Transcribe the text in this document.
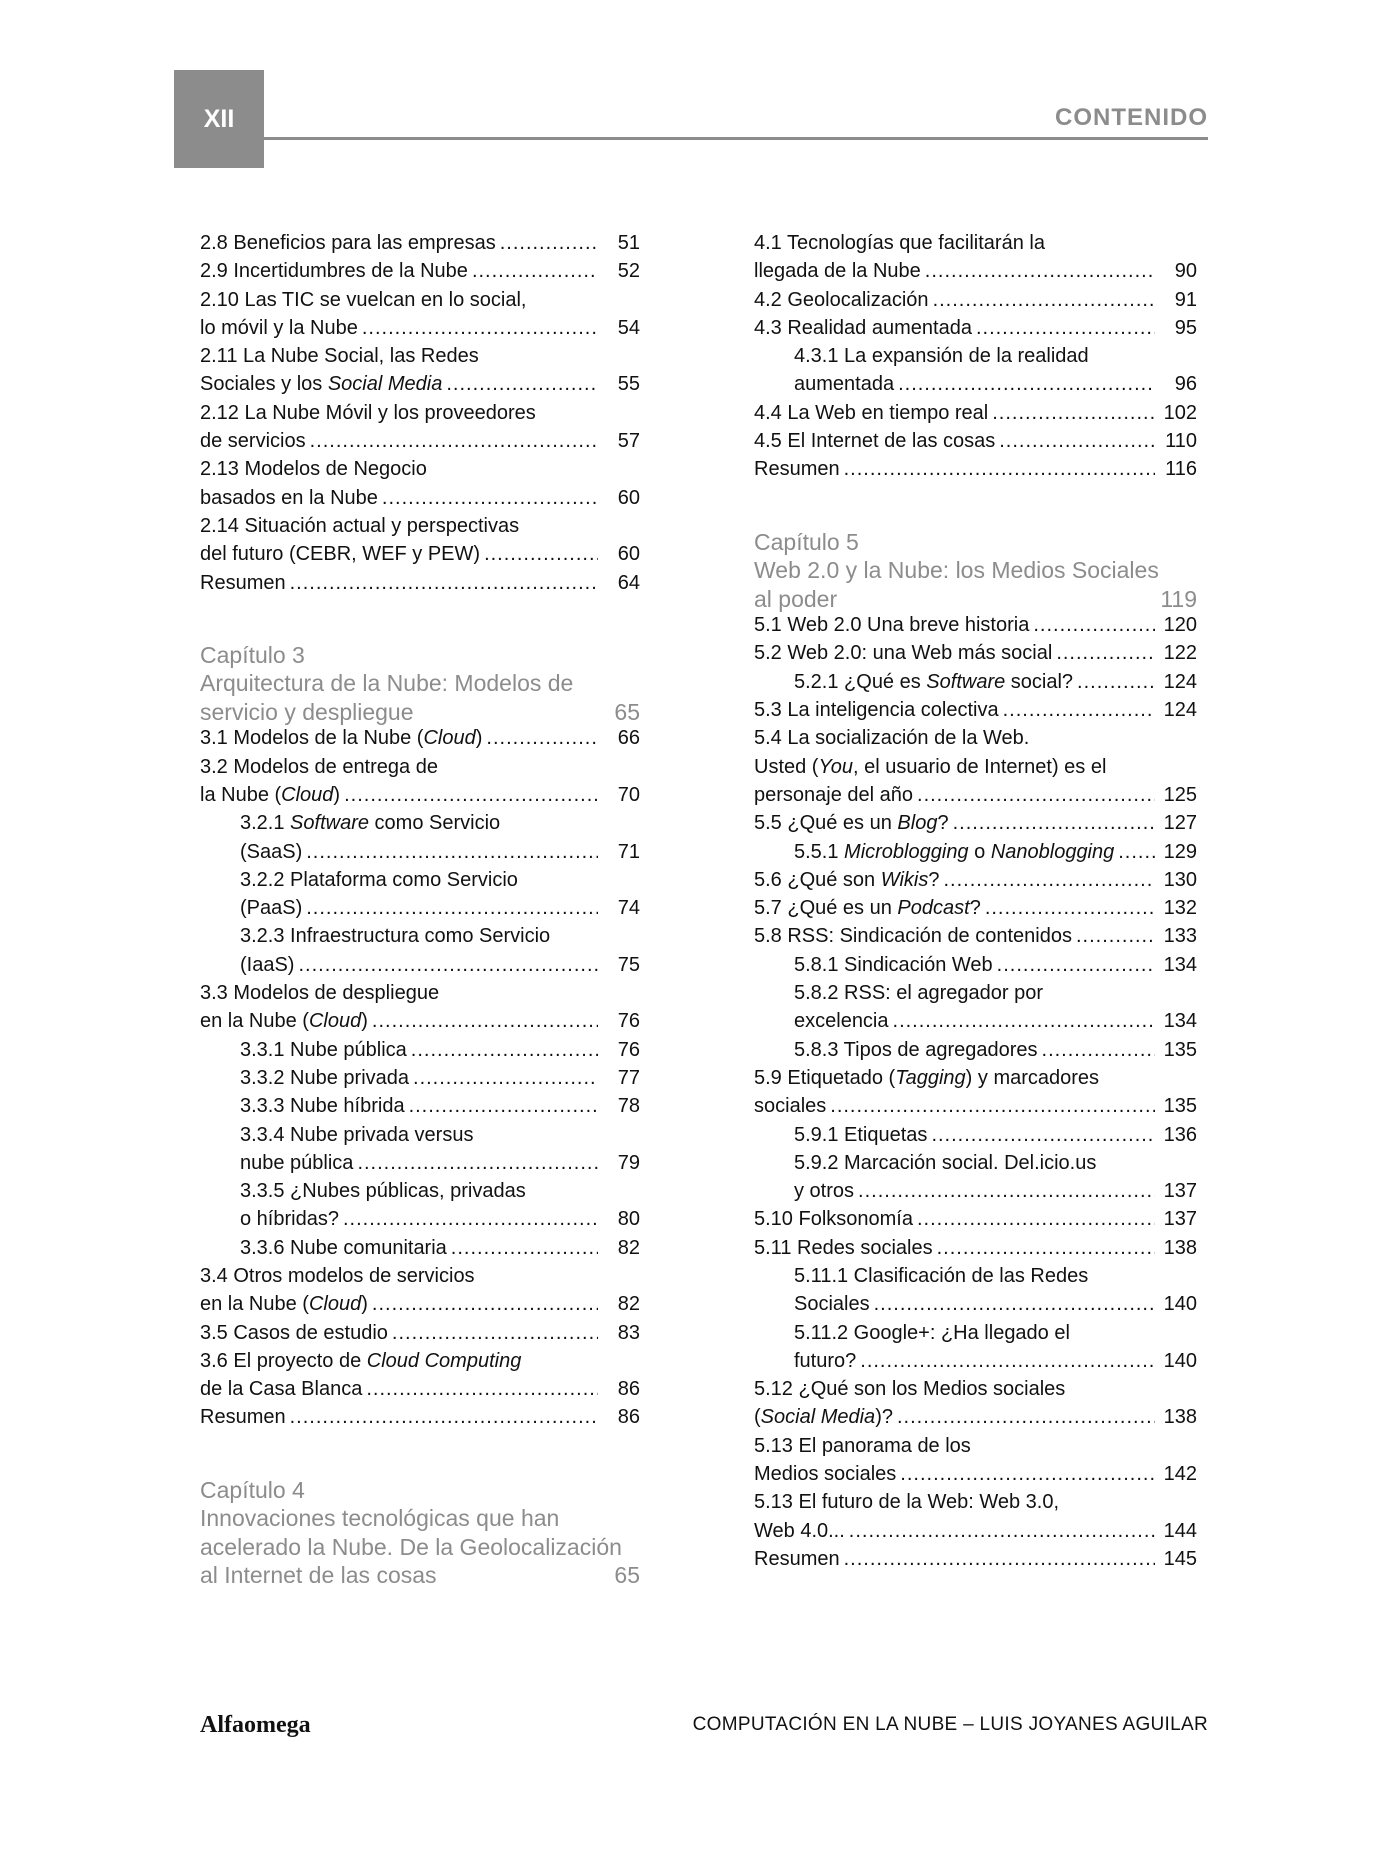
XII	CONTENIDO
2.8 Beneficios para las empresas .....	51
2.9 Incertidumbres de la Nube .....	52
2.10 Las TIC se vuelcan en lo social,
lo móvil y la Nube .....	54
2.11 La Nube Social, las Redes
Sociales y los Social Media .....	55
2.12 La Nube Móvil y los proveedores
de servicios .....	57
2.13 Modelos de Negocio
basados en la Nube .....	60
2.14 Situación actual y perspectivas
del futuro (CEBR, WEF y PEW) .....	60
Resumen .....	64
Capítulo 3
Arquitectura de la Nube: Modelos de
servicio y despliegue	65
3.1 Modelos de la Nube (Cloud) .....	66
3.2 Modelos de entrega de
la Nube (Cloud) .....	70
3.2.1 Software como Servicio
(SaaS) .....	71
3.2.2 Plataforma como Servicio
(PaaS) .....	74
3.2.3 Infraestructura como Servicio
(IaaS) .....	75
3.3 Modelos de despliegue
en la Nube (Cloud) .....	76
3.3.1 Nube pública .....	76
3.3.2 Nube privada .....	77
3.3.3 Nube híbrida .....	78
3.3.4 Nube privada versus
nube pública .....	79
3.3.5 ¿Nubes públicas, privadas
o híbridas? .....	80
3.3.6 Nube comunitaria .....	82
3.4 Otros modelos de servicios
en la Nube (Cloud) .....	82
3.5 Casos de estudio .....	83
3.6 El proyecto de Cloud Computing
de la Casa Blanca .....	86
Resumen .....	86
Capítulo 4
Innovaciones tecnológicas que han
acelerado la Nube. De la Geolocalización
al Internet de las cosas	65
4.1 Tecnologías que facilitarán la
llegada de la Nube .....	90
4.2 Geolocalización .....	91
4.3 Realidad aumentada .....	95
4.3.1 La expansión de la realidad
aumentada .....	96
4.4 La Web en tiempo real .....	102
4.5 El Internet de las cosas .....	110
Resumen .....	116
Capítulo 5
Web 2.0 y la Nube: los Medios Sociales
al poder	119
5.1 Web 2.0 Una breve historia .....	120
5.2 Web 2.0: una Web más social .....	122
5.2.1 ¿Qué es Software social? .....	124
5.3 La inteligencia colectiva .....	124
5.4 La socialización de la Web.
Usted (You, el usuario de Internet) es el
personaje del año .....	125
5.5 ¿Qué es un Blog? .....	127
5.5.1 Microblogging o Nanoblogging ..... 129
5.6 ¿Qué son Wikis? .....	130
5.7 ¿Qué es un Podcast? .....	132
5.8 RSS: Sindicación de contenidos .....	133
5.8.1 Sindicación Web .....	134
5.8.2 RSS: el agregador por
excelencia .....	134
5.8.3 Tipos de agregadores .....	135
5.9 Etiquetado (Tagging) y marcadores
sociales .....	135
5.9.1 Etiquetas .....	136
5.9.2 Marcación social. Del.icio.us
y otros .....	137
5.10 Folksonomía .....	137
5.11 Redes sociales .....	138
5.11.1 Clasificación de las Redes
Sociales .....	140
5.11.2 Google+: ¿Ha llegado el
futuro? .....	140
5.12 ¿Qué son los Medios sociales
(Social Media)? .....	138
5.13 El panorama de los
Medios sociales .....	142
5.13 El futuro de la Web: Web 3.0,
Web 4.0... .....	144
Resumen .....	145
Alfaomega	COMPUTACIÓN EN LA NUBE – LUIS JOYANES AGUILAR
